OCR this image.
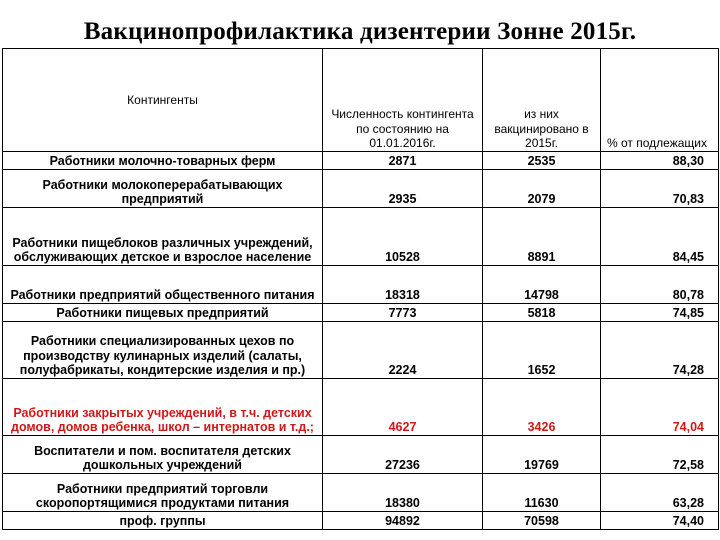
Вакцинопрофилактика дизентерии Зонне 2015г.
Контингенты	Численность контингента по состоянию на 01.01.2016г.	из них вакцинировано в 2015г.	% от подлежащих
Работники молочно-товарных ферм	2871	2535	88,30
Работники молокоперерабатывающих предприятий	2935	2079	70,83
Работники пищеблоков различных учреждений, обслуживающих детское и взрослое население	10528	8891	84,45
Работники предприятий общественного питания	18318	14798	80,78
Работники пищевых предприятий	7773	5818	74,85
Работники специализированных цехов по производству кулинарных изделий (салаты, полуфабрикаты, кондитерские изделия и пр.)	2224	1652	74,28
Работники закрытых учреждений, в т.ч. детских домов, домов ребенка, школ – интернатов и т.д.;	4627	3426	74,04
Воспитатели и пом. воспитателя детских дошкольных учреждений	27236	19769	72,58
Работники предприятий торговли скоропортящимися продуктами питания	18380	11630	63,28
проф. группы	94892	70598	74,40
